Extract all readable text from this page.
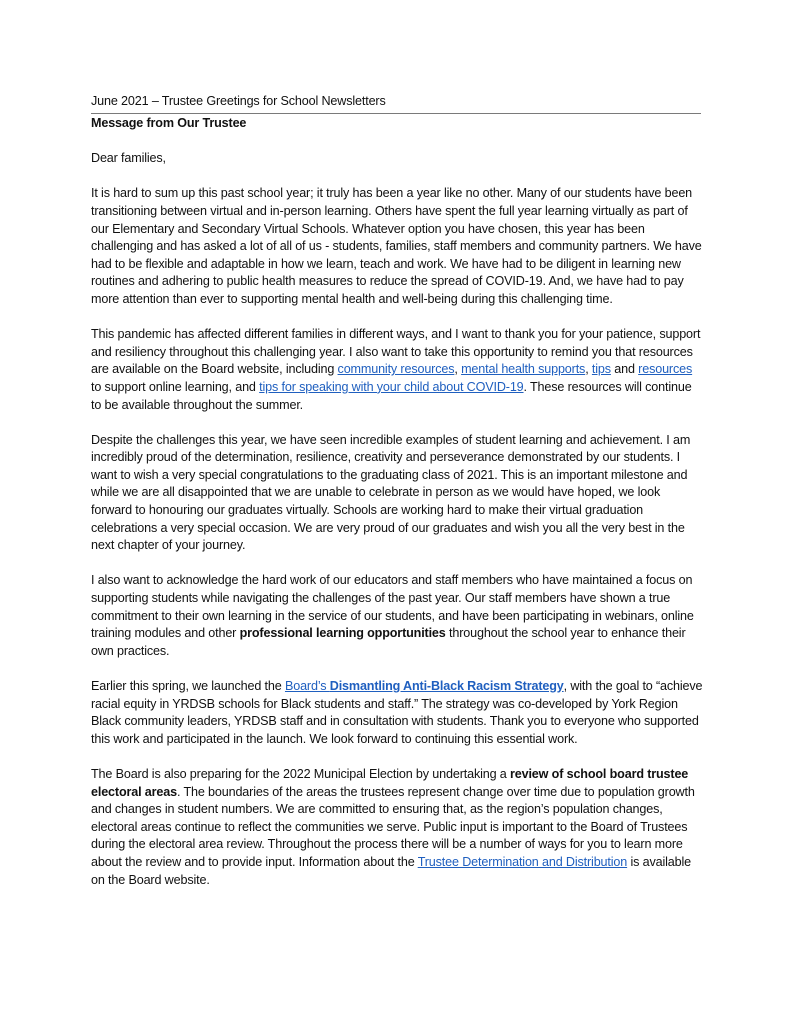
June 2021 – Trustee Greetings for School Newsletters
Message from Our Trustee

Dear families,

It is hard to sum up this past school year; it truly has been a year like no other. Many of our students have been transitioning between virtual and in-person learning. Others have spent the full year learning virtually as part of our Elementary and Secondary Virtual Schools. Whatever option you have chosen, this year has been challenging and has asked a lot of all of us - students, families, staff members and community partners. We have had to be flexible and adaptable in how we learn, teach and work. We have had to be diligent in learning new routines and adhering to public health measures to reduce the spread of COVID-19. And, we have had to pay more attention than ever to supporting mental health and well-being during this challenging time.

This pandemic has affected different families in different ways, and I want to thank you for your patience, support and resiliency throughout this challenging year. I also want to take this opportunity to remind you that resources are available on the Board website, including community resources, mental health supports, tips and resources to support online learning, and tips for speaking with your child about COVID-19. These resources will continue to be available throughout the summer.

Despite the challenges this year, we have seen incredible examples of student learning and achievement. I am incredibly proud of the determination, resilience, creativity and perseverance demonstrated by our students. I want to wish a very special congratulations to the graduating class of 2021. This is an important milestone and while we are all disappointed that we are unable to celebrate in person as we would have hoped, we look forward to honouring our graduates virtually. Schools are working hard to make their virtual graduation celebrations a very special occasion. We are very proud of our graduates and wish you all the very best in the next chapter of your journey.

I also want to acknowledge the hard work of our educators and staff members who have maintained a focus on supporting students while navigating the challenges of the past year. Our staff members have shown a true commitment to their own learning in the service of our students, and have been participating in webinars, online training modules and other professional learning opportunities throughout the school year to enhance their own practices.

Earlier this spring, we launched the Board’s Dismantling Anti-Black Racism Strategy, with the goal to “achieve racial equity in YRDSB schools for Black students and staff.” The strategy was co-developed by York Region Black community leaders, YRDSB staff and in consultation with students. Thank you to everyone who supported this work and participated in the launch. We look forward to continuing this essential work.

The Board is also preparing for the 2022 Municipal Election by undertaking a review of school board trustee electoral areas. The boundaries of the areas the trustees represent change over time due to population growth and changes in student numbers. We are committed to ensuring that, as the region’s population changes, electoral areas continue to reflect the communities we serve. Public input is important to the Board of Trustees during the electoral area review. Throughout the process there will be a number of ways for you to learn more about the review and to provide input. Information about the Trustee Determination and Distribution is available on the Board website.
